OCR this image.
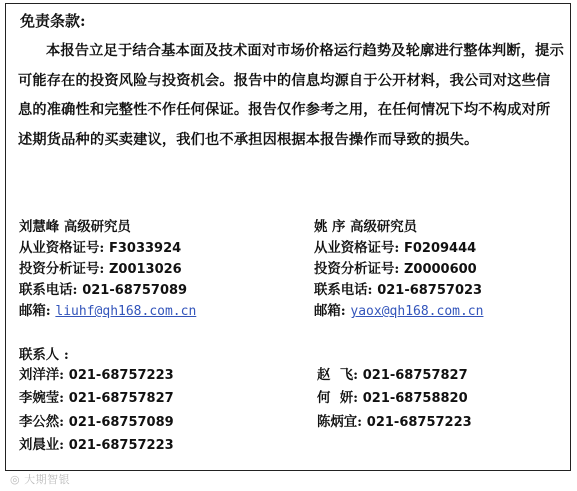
免责条款:
本报告立足于结合基本面及技术面对市场价格运行趋势及轮廓进行整体判断，提示可能存在的投资风险与投资机会。报告中的信息均源自于公开材料，我公司对这些信息的准确性和完整性不作任何保证。报告仅作参考之用，在任何情况下均不构成对所述期货品种的买卖建议，我们也不承担因根据本报告操作而导致的损失。
刘慧峰 高级研究员
从业资格证号: F3033924
投资分析证号: Z0013026
联系电话: 021-68757089
邮箱: liuhf@qh168.com.cn
姚 序 高级研究员
从业资格证号: F0209444
投资分析证号: Z0000600
联系电话: 021-68757023
邮箱: yaox@qh168.com.cn
联系人 :
刘洋洋: 021-68757223
李婉莹: 021-68757827
李公然: 021-68757089
刘晨业: 021-68757223
赵  飞: 021-68757827
何  妍: 021-68758820
陈炳宜: 021-68757223
◎ 大期智银
